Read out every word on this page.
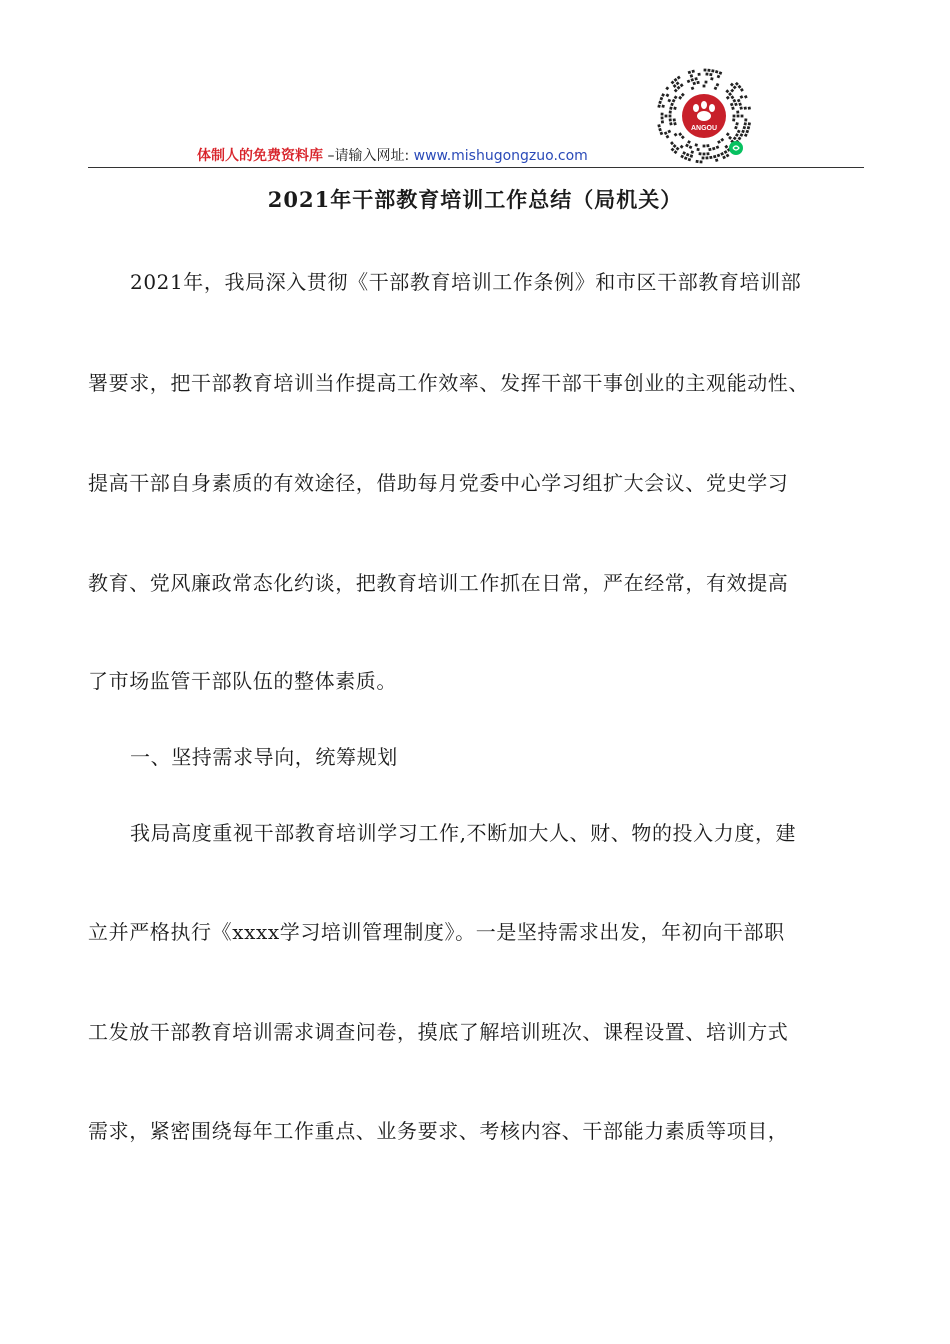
ANGOU
体制人的免费资料库 –请输入网址: www.mishugongzuo.com
2021年干部教育培训工作总结（局机关）
2021年，我局深入贯彻《干部教育培训工作条例》和市区干部教育培训部
署要求，把干部教育培训当作提高工作效率、发挥干部干事创业的主观能动性、
提高干部自身素质的有效途径，借助每月党委中心学习组扩大会议、党史学习
教育、党风廉政常态化约谈，把教育培训工作抓在日常，严在经常，有效提高
了市场监管干部队伍的整体素质。
一、坚持需求导向，统筹规划
我局高度重视干部教育培训学习工作,不断加大人、财、物的投入力度，建
立并严格执行《xxxx学习培训管理制度》。一是坚持需求出发，年初向干部职
工发放干部教育培训需求调查问卷，摸底了解培训班次、课程设置、培训方式
需求，紧密围绕每年工作重点、业务要求、考核内容、干部能力素质等项目，
